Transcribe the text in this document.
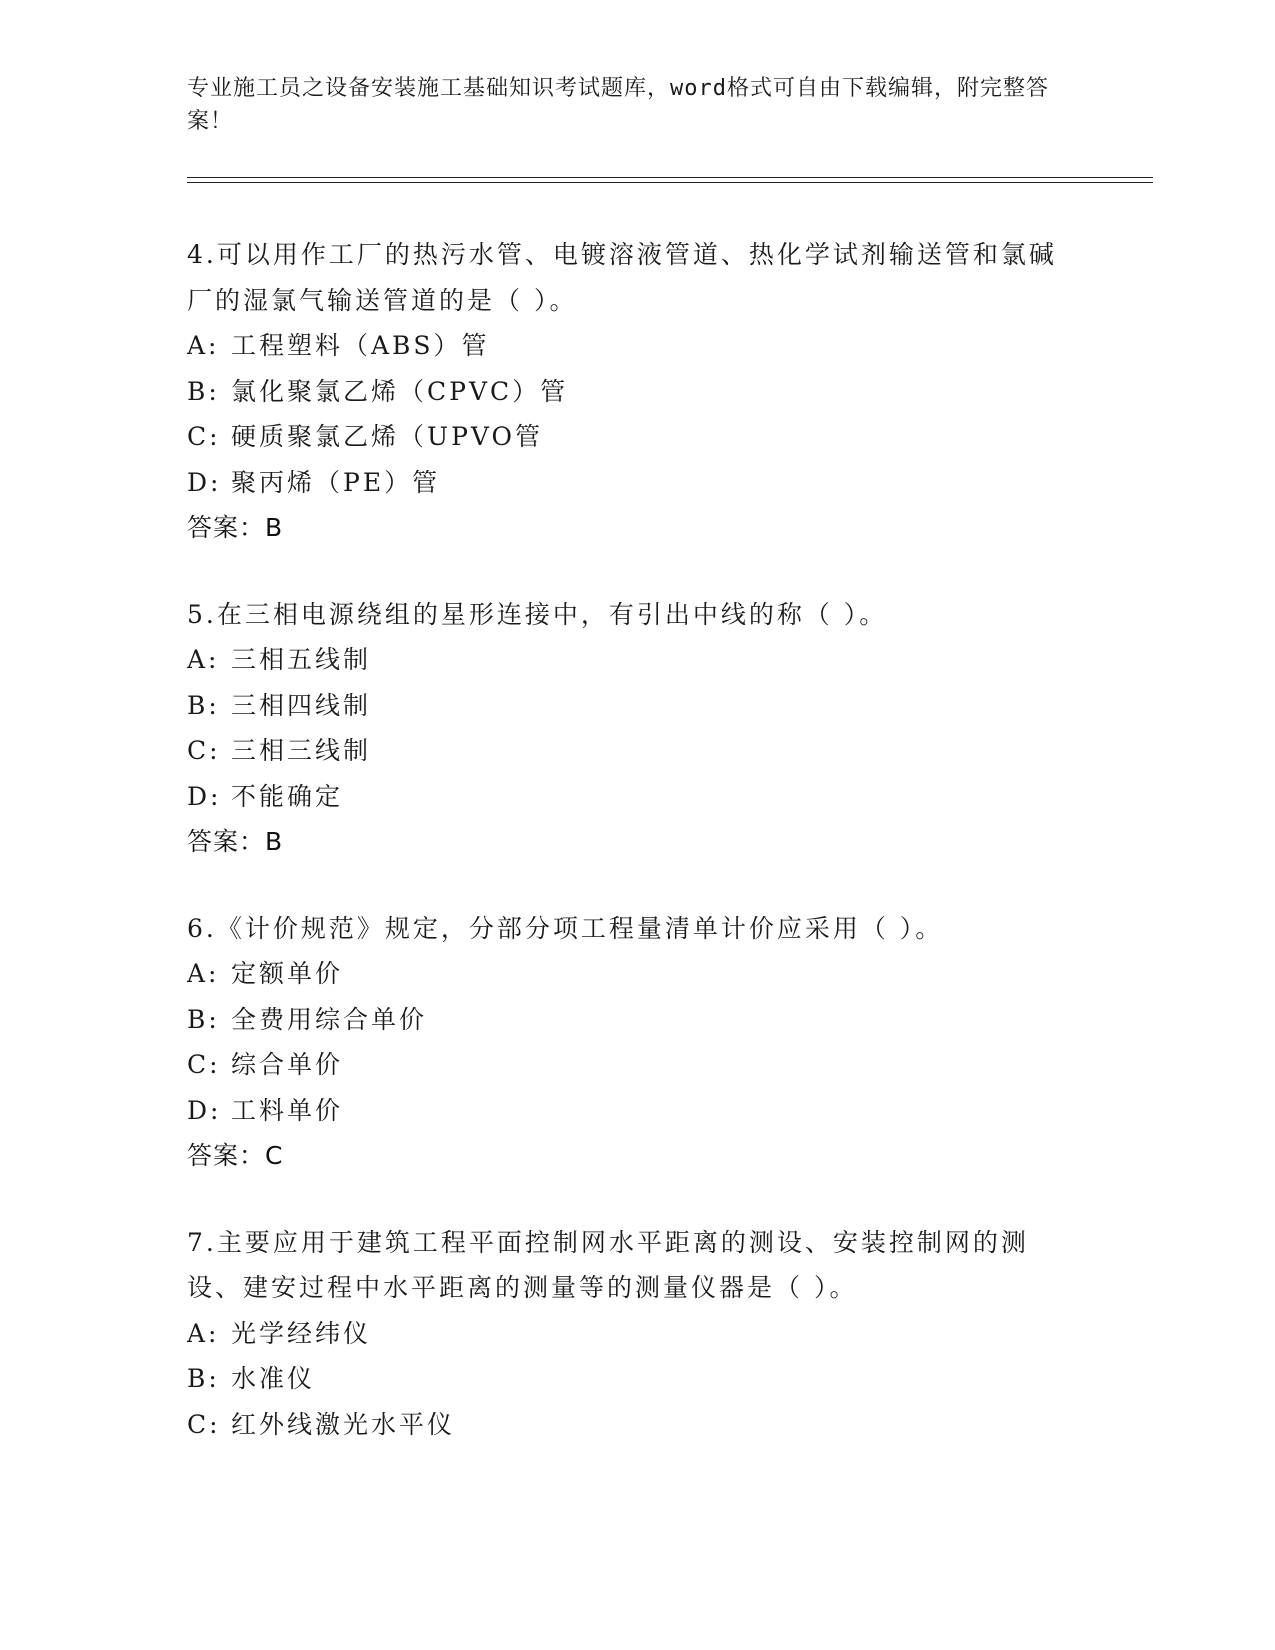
专业施工员之设备安装施工基础知识考试题库，word格式可自由下载编辑，附完整答案！

4.可以用作工厂的热污水管、电镀溶液管道、热化学试剂输送管和氯碱厂的湿氯气输送管道的是（ ）。

A: 工程塑料（ABS）管

B: 氯化聚氯乙烯（CPVC）管

C: 硬质聚氯乙烯（UPVO管

D: 聚丙烯（PE）管

答案：B

5.在三相电源绕组的星形连接中，有引出中线的称（ ）。

A: 三相五线制

B: 三相四线制

C: 三相三线制

D: 不能确定

答案：B

6.《计价规范》规定，分部分项工程量清单计价应采用（ ）。

A: 定额单价

B: 全费用综合单价

C: 综合单价

D: 工料单价

答案：C

7.主要应用于建筑工程平面控制网水平距离的测设、安装控制网的测设、建安过程中水平距离的测量等的测量仪器是（ ）。

A: 光学经纬仪

B: 水准仪

C: 红外线激光水平仪
